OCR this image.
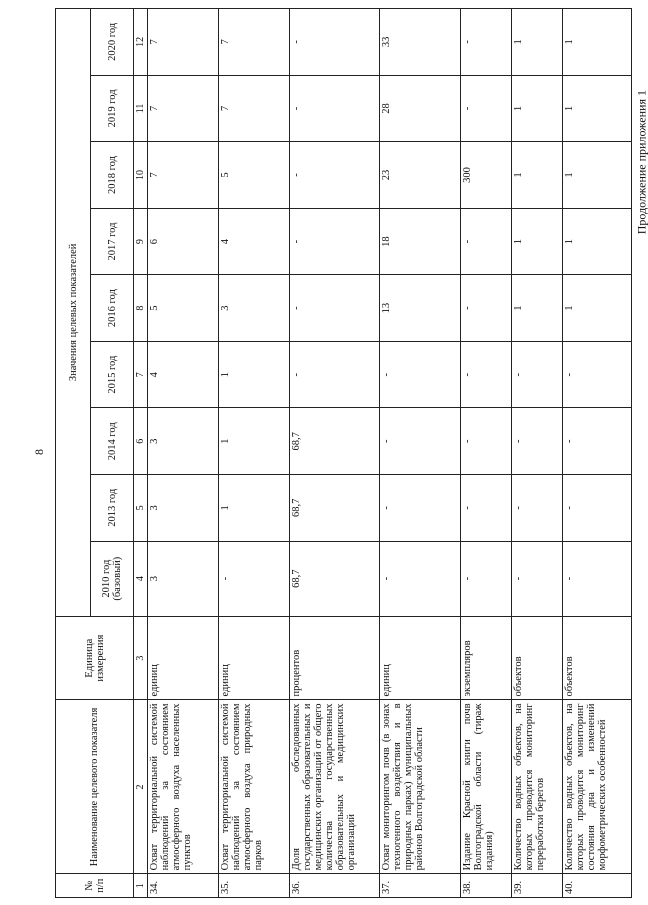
8
Продолжение приложения 1
№ п/п	Наименование целевого показателя	Единица измерения	Значения целевых показателей								
			2010 год (базовый)	2013 год	2014 год	2015 год	2016 год	2017 год	2018 год	2019 год	2020 год
1	2	3	4	5	6	7	8	9	10	11	12
34.	Охват территориальной системой наблюдений за состоянием атмосферного воздуха населенных пунктов	единиц	3	3	3	4	5	6	7	7	7
35.	Охват территориальной системой наблюдений за состоянием атмосферного воздуха природных парков	единиц	-	1	1	1	3	4	5	7	7
36.	Доля обследованных государственных образовательных и медицинских организаций от общего количества государственных образовательных и медицинских организаций	процентов	68,7	68,7	68,7	-	-	-	-	-	-
37.	Охват мониторингом почв (в зонах техногенного воздействия и в природных парках) муниципальных районов Волгоградской области	единиц	-	-	-	-	13	18	23	28	33
38.	Издание Красной книги почв Волгоградской области (тираж издания)	экземпляров	-	-	-	-	-	-	300	-	-
39.	Количество водных объектов, на которых проводится мониторинг переработки берегов	объектов	-	-	-	-	1	1	1	1	1
40.	Количество водных объектов, на которых проводится мониторинг состояния дна и изменений морфометрических особенностей	объектов	-	-	-	-	1	1	1	1	1
